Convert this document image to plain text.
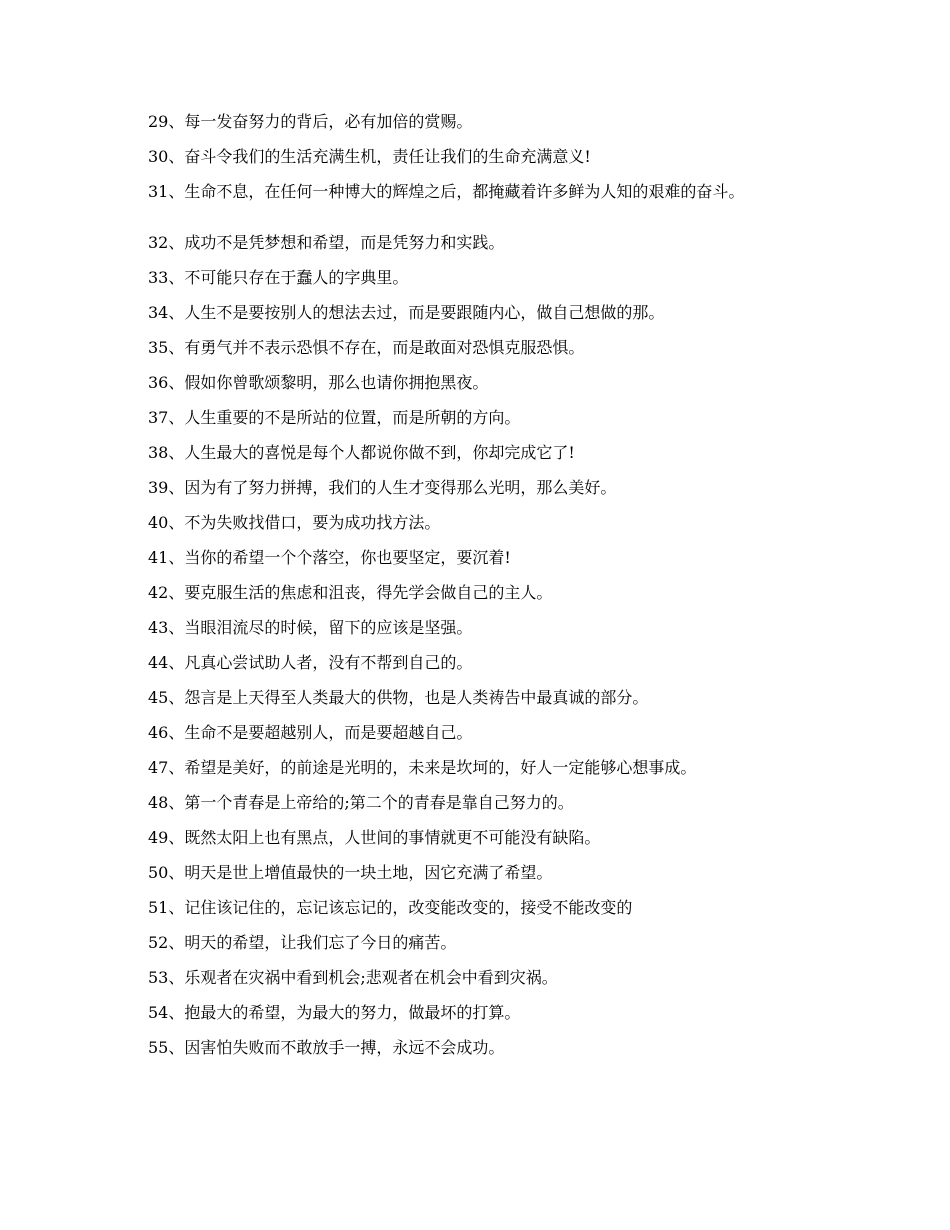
29、每一发奋努力的背后，必有加倍的赏赐。
30、奋斗令我们的生活充满生机，责任让我们的生命充满意义!
31、生命不息，在任何一种博大的辉煌之后，都掩藏着许多鲜为人知的艰难的奋斗。
32、成功不是凭梦想和希望，而是凭努力和实践。
33、不可能只存在于蠢人的字典里。
34、人生不是要按别人的想法去过，而是要跟随内心，做自己想做的那。
35、有勇气并不表示恐惧不存在，而是敢面对恐惧克服恐惧。
36、假如你曾歌颂黎明，那么也请你拥抱黑夜。
37、人生重要的不是所站的位置，而是所朝的方向。
38、人生最大的喜悦是每个人都说你做不到，你却完成它了!
39、因为有了努力拼搏，我们的人生才变得那么光明，那么美好。
40、不为失败找借口，要为成功找方法。
41、当你的希望一个个落空，你也要坚定，要沉着!
42、要克服生活的焦虑和沮丧，得先学会做自己的主人。
43、当眼泪流尽的时候，留下的应该是坚强。
44、凡真心尝试助人者，没有不帮到自己的。
45、怨言是上天得至人类最大的供物，也是人类祷告中最真诚的部分。
46、生命不是要超越别人，而是要超越自己。
47、希望是美好，的前途是光明的，未来是坎坷的，好人一定能够心想事成。
48、第一个青春是上帝给的;第二个的青春是靠自己努力的。
49、既然太阳上也有黑点，人世间的事情就更不可能没有缺陷。
50、明天是世上增值最快的一块土地，因它充满了希望。
51、记住该记住的，忘记该忘记的，改变能改变的，接受不能改变的
52、明天的希望，让我们忘了今日的痛苦。
53、乐观者在灾祸中看到机会;悲观者在机会中看到灾祸。
54、抱最大的希望，为最大的努力，做最坏的打算。
55、因害怕失败而不敢放手一搏，永远不会成功。
